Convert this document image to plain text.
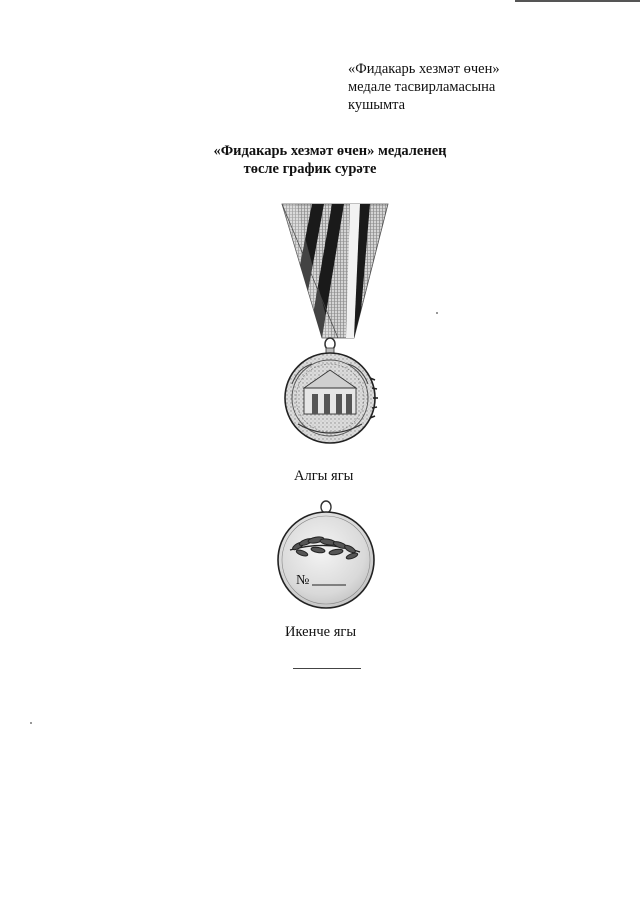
«Фидакарь хезмәт өчен»
медале тасвирламасына
кушымта
«Фидакарь хезмәт өчен» медаленең
төсле график сурәте
Алгы ягы
№
Икенче ягы
